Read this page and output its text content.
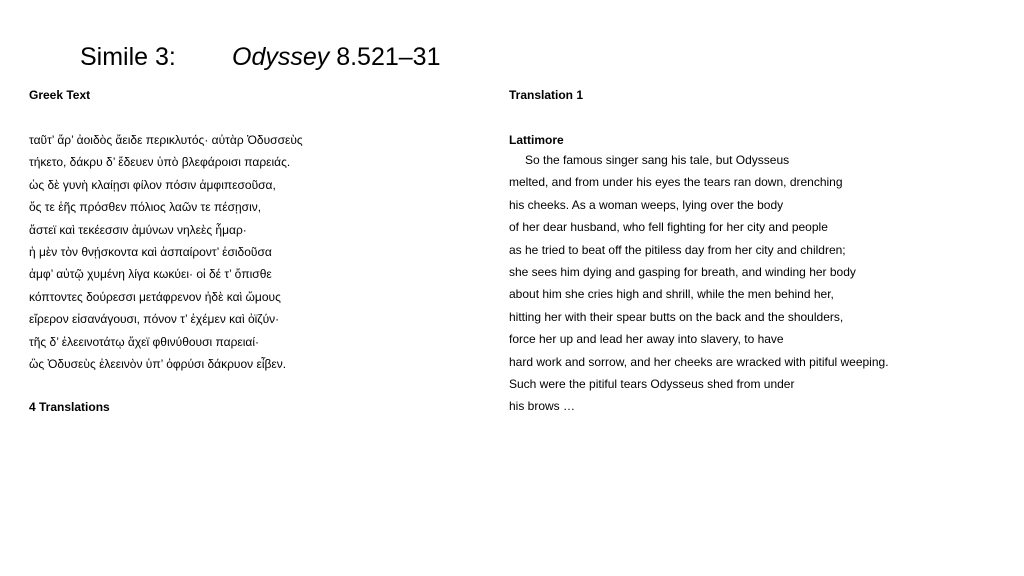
Simile 3: Odyssey 8.521–31

Greek Text

ταῦτ’ ἄρ’ ἀοιδὸς ἄειδε περικλυτός· αὐτὰρ Ὀδυσσεὺς

τήκετο, δάκρυ δ’ ἔδευεν ὑπὸ βλεφάροισι παρειάς.

ὡς δὲ γυνὴ κλαίῃσι φίλον πόσιν ἀμφιπεσοῦσα,

ὅς τε ἑῆς πρόσθεν πόλιος λαῶν τε πέσῃσιν,

ἄστεϊ καὶ τεκέεσσιν ἀμύνων νηλεὲς ἦμαρ·

ἡ μὲν τὸν θνῄσκοντα καὶ ἀσπαίροντ’ ἐσιδοῦσα

ἀμφ’ αὐτῷ χυμένη λίγα κωκύει· οἱ δέ τ’ ὄπισθε

κόπτοντες δούρεσσι μετάφρενον ἠδὲ καὶ ὤμους

εἴρερον εἰσανάγουσι, πόνον τ’ ἐχέμεν καὶ ὀϊζύν·

τῆς δ’ ἐλεεινοτάτῳ ἄχεϊ φθινύθουσι παρειαί·

ὣς Ὀδυσεὺς ἐλεεινὸν ὑπ’ ὀφρύσι δάκρυον εἶβεν.

4 Translations

Translation 1

Lattimore

So the famous singer sang his tale, but Odysseus

melted, and from under his eyes the tears ran down, drenching

his cheeks. As a woman weeps, lying over the body

of her dear husband, who fell fighting for her city and people

as he tried to beat off the pitiless day from her city and children;

she sees him dying and gasping for breath, and winding her body

about him she cries high and shrill, while the men behind her,

hitting her with their spear butts on the back and the shoulders,

force her up and lead her away into slavery, to have

hard work and sorrow, and her cheeks are wracked with pitiful weeping.

Such were the pitiful tears Odysseus shed from under

his brows …
